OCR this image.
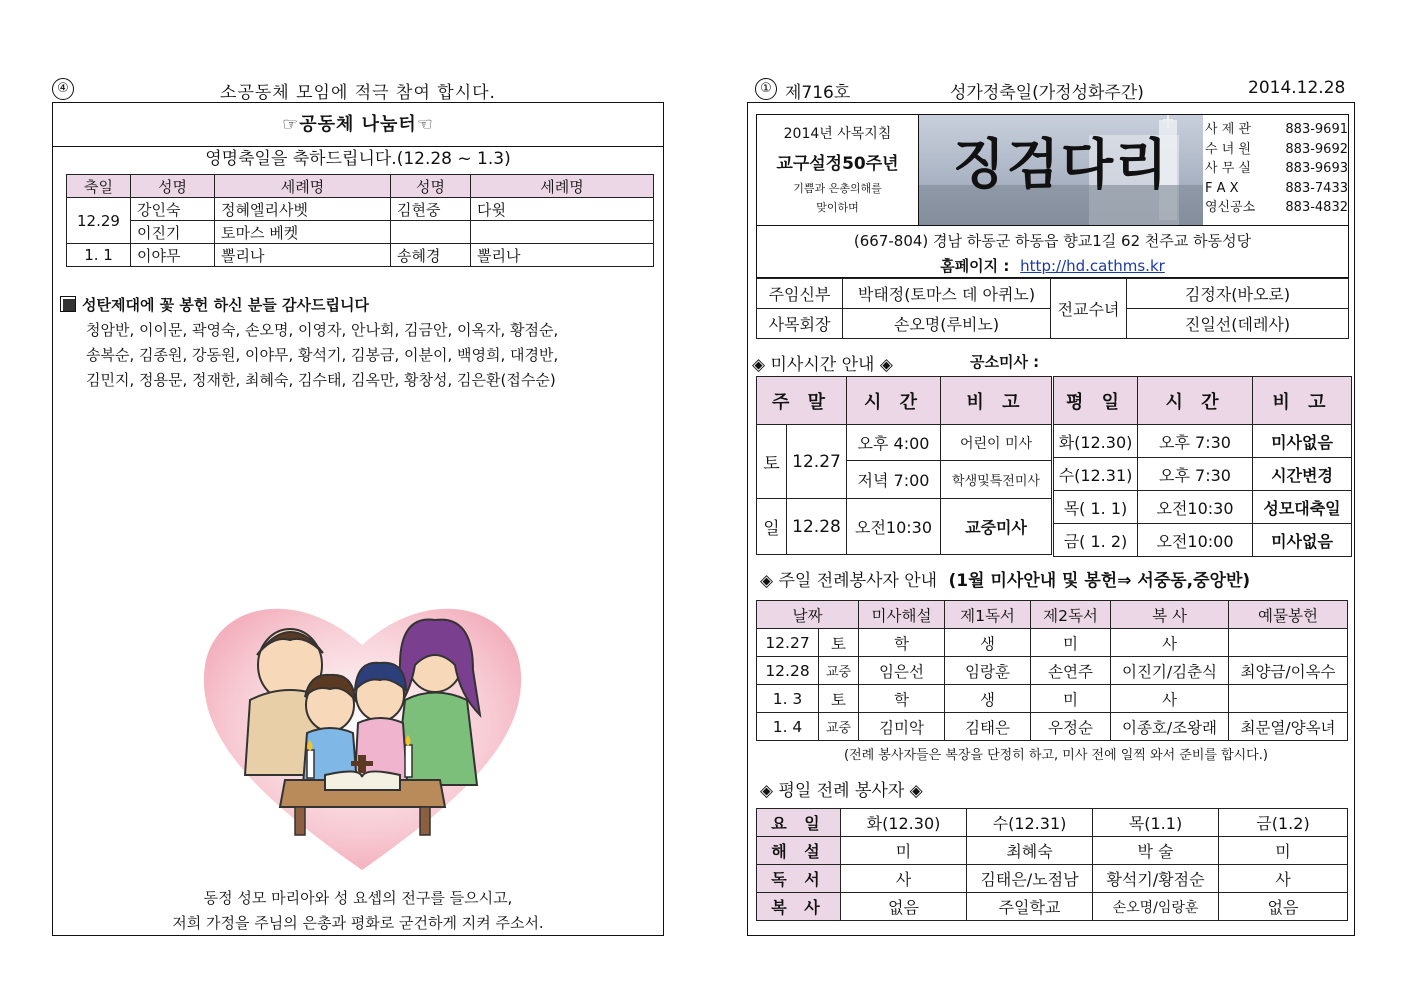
소공동체 모임에 적극 참여 합시다.
④
☞공동체 나눔터☜
영명축일을 축하드립니다.(12.28 ~ 1.3)
축일	성명	세례명	성명	세례명
12.29	강인숙	정혜엘리사벳	김현중	다윗
	이진기	토마스 베켓		
1. 1	이야무	뽈리나	송혜경	뽈리나
성탄제대에 꽃 봉헌 하신 분들 감사드립니다
청암반, 이이문, 곽영숙, 손오명, 이영자, 안나회, 김금안, 이옥자, 황점순,
송복순, 김종원, 강동원, 이야무, 황석기, 김봉금, 이분이, 백영희, 대경반,
김민지, 정용문, 정재한, 최혜숙, 김수태, 김옥만, 황창성, 김은환(접수순)
동정 성모 마리아와 성 요셉의 전구를 들으시고,
저희 가정을 주님의 은총과 평화로 굳건하게 지켜 주소서.
① 제716호	성가정축일(가정성화주간)	2014.12.28
2014년 사목지침
교구설정50주년
기쁨과 은총의해를
맞이하며
징검다리
사 제 관	883-9691
수 녀 원	883-9692
사 무 실	883-9693
F A X	883-7433
영신공소 883-4832
(667-804) 경남 하동군 하동읍 향교1길 62 천주교 하동성당
홈페이지 : http://hd.cathms.kr
주임신부	박태정(토마스 데 아퀴노)	전교수녀	김정자(바오로)
사목회장	손오명(루비노)		진일선(데레사)
◈ 미사시간 안내 ◈	공소미사 :
주 말		시 간	비 고
토	12.27	오후 4:00	어린이 미사
		저녁 7:00	학생및특전미사
일	12.28	오전10:30	교중미사
평 일	시 간	비 고
화(12.30)	오후 7:30	미사없음
수(12.31)	오후 7:30	시간변경
목( 1. 1)	오전10:30	성모대축일
금( 1. 2)	오전10:00	미사없음
◈ 주일 전례봉사자 안내 (1월 미사안내 및 봉헌⇒ 서중동,중앙반)
날짜		미사해설	제1독서	제2독서	복 사	예물봉헌
12.27	토	학	생	미	사	
12.28	교중	임은선	임랑훈	손연주	이진기/김춘식	최양금/이옥수
1. 3	토	학	생	미	사	
1. 4	교중	김미악	김태은	우정순	이종호/조왕래	최문열/양옥녀
(전례 봉사자들은 복장을 단정히 하고, 미사 전에 일찍 와서 준비를 합시다.)
◈ 평일 전례 봉사자 ◈
요 일	화(12.30)	수(12.31)	목(1.1)	금(1.2)
해 설	미	최혜숙	박 술	미
독 서	사	김태은/노점남	황석기/황점순	사
복 사	없음	주일학교	손오명/임랑훈	없음
